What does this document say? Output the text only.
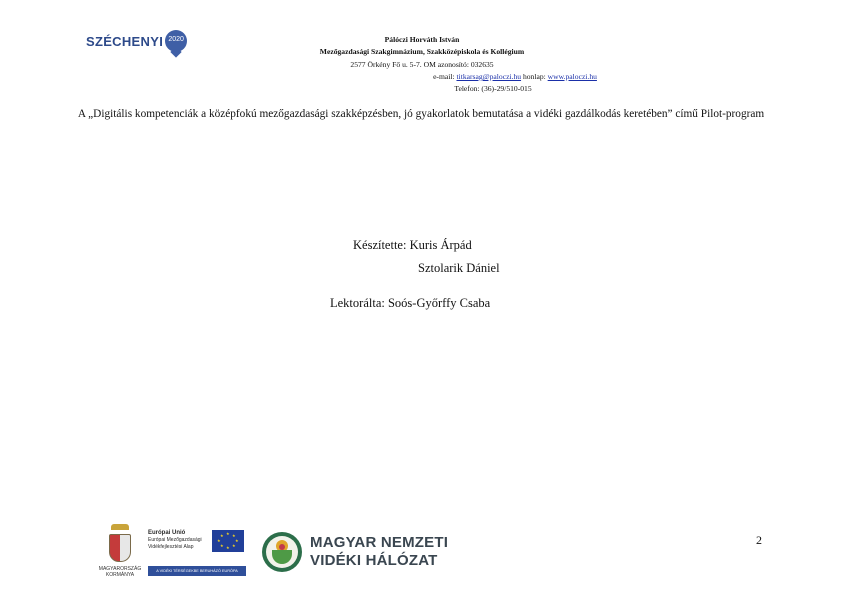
SZÉCHENYI 2020	Pálóczi Horváth István
Mezőgazdasági Szakgimnázium, Szakközépiskola és Kollégium
2577 Örkény Fő u. 5-7. OM azonosító: 032635
e-mail: titkarsag@paloczi.hu honlap: www.paloczi.hu
Telefon: (36)-29/510-015
A „Digitális kompetenciák a középfokú mezőgazdasági szakképzésben, jó gyakorlatok bemutatása a vidéki gazdálkodás keretében” című Pilot-program
Készítette: Kuris Árpád
Sztolarik Dániel
Lektorálta: Soós-Győrffy Csaba
2
MAGYARORSZÁG
KORMÁNYA
Európai Unió
Európai Mezőgazdasági
Vidékfejlesztési Alap
★ ★
★
★
★
★
★
★
A VIDÉKI TÉRSÉGEKBE BERUHÁZÓ EURÓPA
MAGYAR NEMZETI
VIDÉKI HÁLÓZAT
